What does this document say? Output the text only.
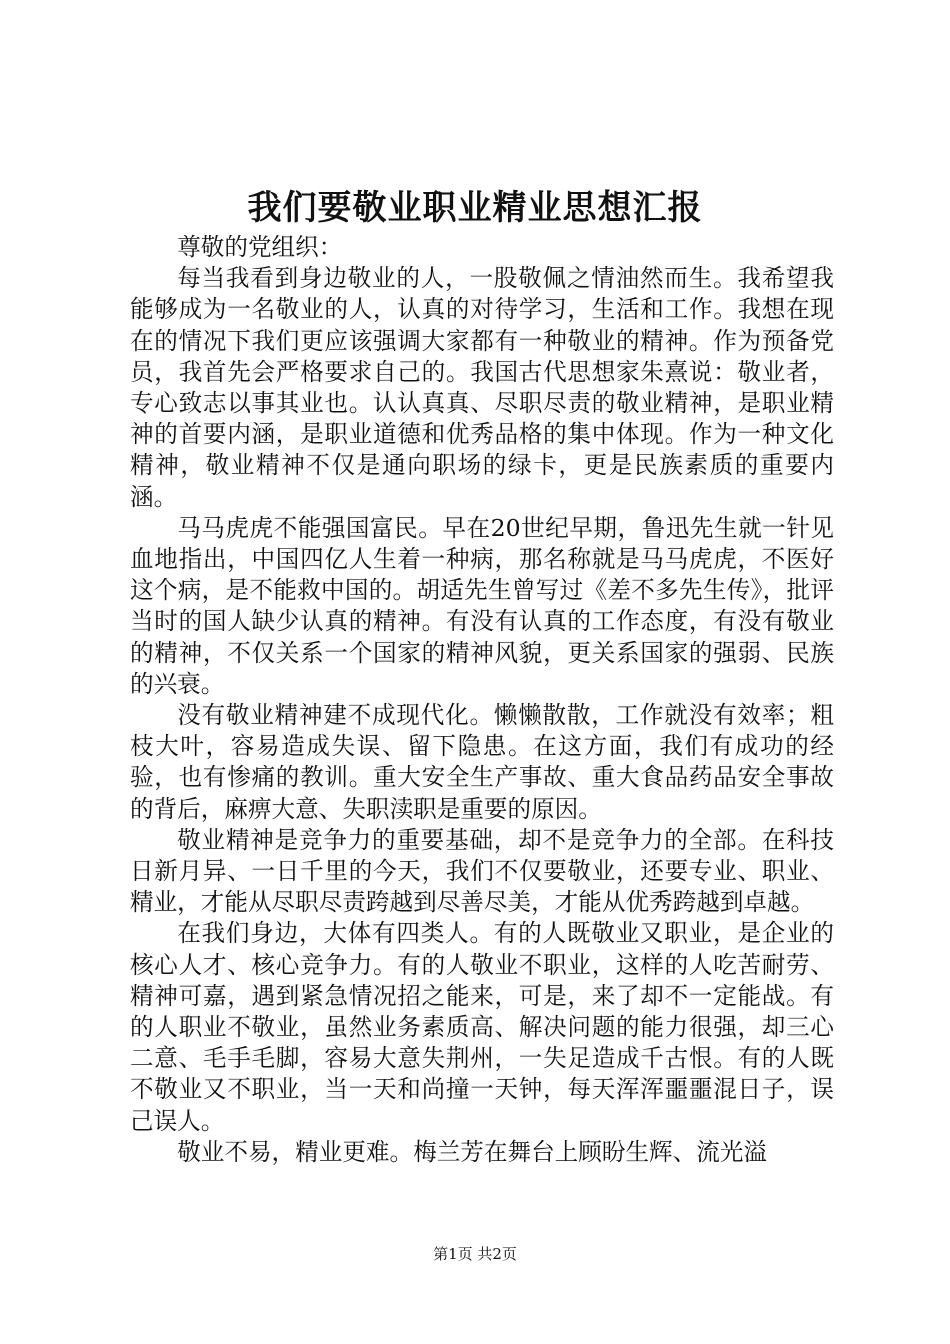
我们要敬业职业精业思想汇报

尊敬的党组织：

每当我看到身边敬业的人，一股敬佩之情油然而生。我希望我能够成为一名敬业的人，认真的对待学习，生活和工作。我想在现在的情况下我们更应该强调大家都有一种敬业的精神。作为预备党员，我首先会严格要求自己的。我国古代思想家朱熹说：敬业者，专心致志以事其业也。认认真真、尽职尽责的敬业精神，是职业精神的首要内涵，是职业道德和优秀品格的集中体现。作为一种文化精神，敬业精神不仅是通向职场的绿卡，更是民族素质的重要内涵。

马马虎虎不能强国富民。早在20世纪早期，鲁迅先生就一针见血地指出，中国四亿人生着一种病，那名称就是马马虎虎，不医好这个病，是不能救中国的。胡适先生曾写过《差不多先生传》，批评当时的国人缺少认真的精神。有没有认真的工作态度，有没有敬业的精神，不仅关系一个国家的精神风貌，更关系国家的强弱、民族的兴衰。

没有敬业精神建不成现代化。懒懒散散，工作就没有效率；粗枝大叶，容易造成失误、留下隐患。在这方面，我们有成功的经验，也有惨痛的教训。重大安全生产事故、重大食品药品安全事故的背后，麻痹大意、失职渎职是重要的原因。

敬业精神是竞争力的重要基础，却不是竞争力的全部。在科技日新月异、一日千里的今天，我们不仅要敬业，还要专业、职业、精业，才能从尽职尽责跨越到尽善尽美，才能从优秀跨越到卓越。

在我们身边，大体有四类人。有的人既敬业又职业，是企业的核心人才、核心竞争力。有的人敬业不职业，这样的人吃苦耐劳、精神可嘉，遇到紧急情况招之能来，可是，来了却不一定能战。有的人职业不敬业，虽然业务素质高、解决问题的能力很强，却三心二意、毛手毛脚，容易大意失荆州，一失足造成千古恨。有的人既不敬业又不职业，当一天和尚撞一天钟，每天浑浑噩噩混日子，误己误人。

敬业不易，精业更难。梅兰芳在舞台上顾盼生辉、流光溢

第1页 共2页
